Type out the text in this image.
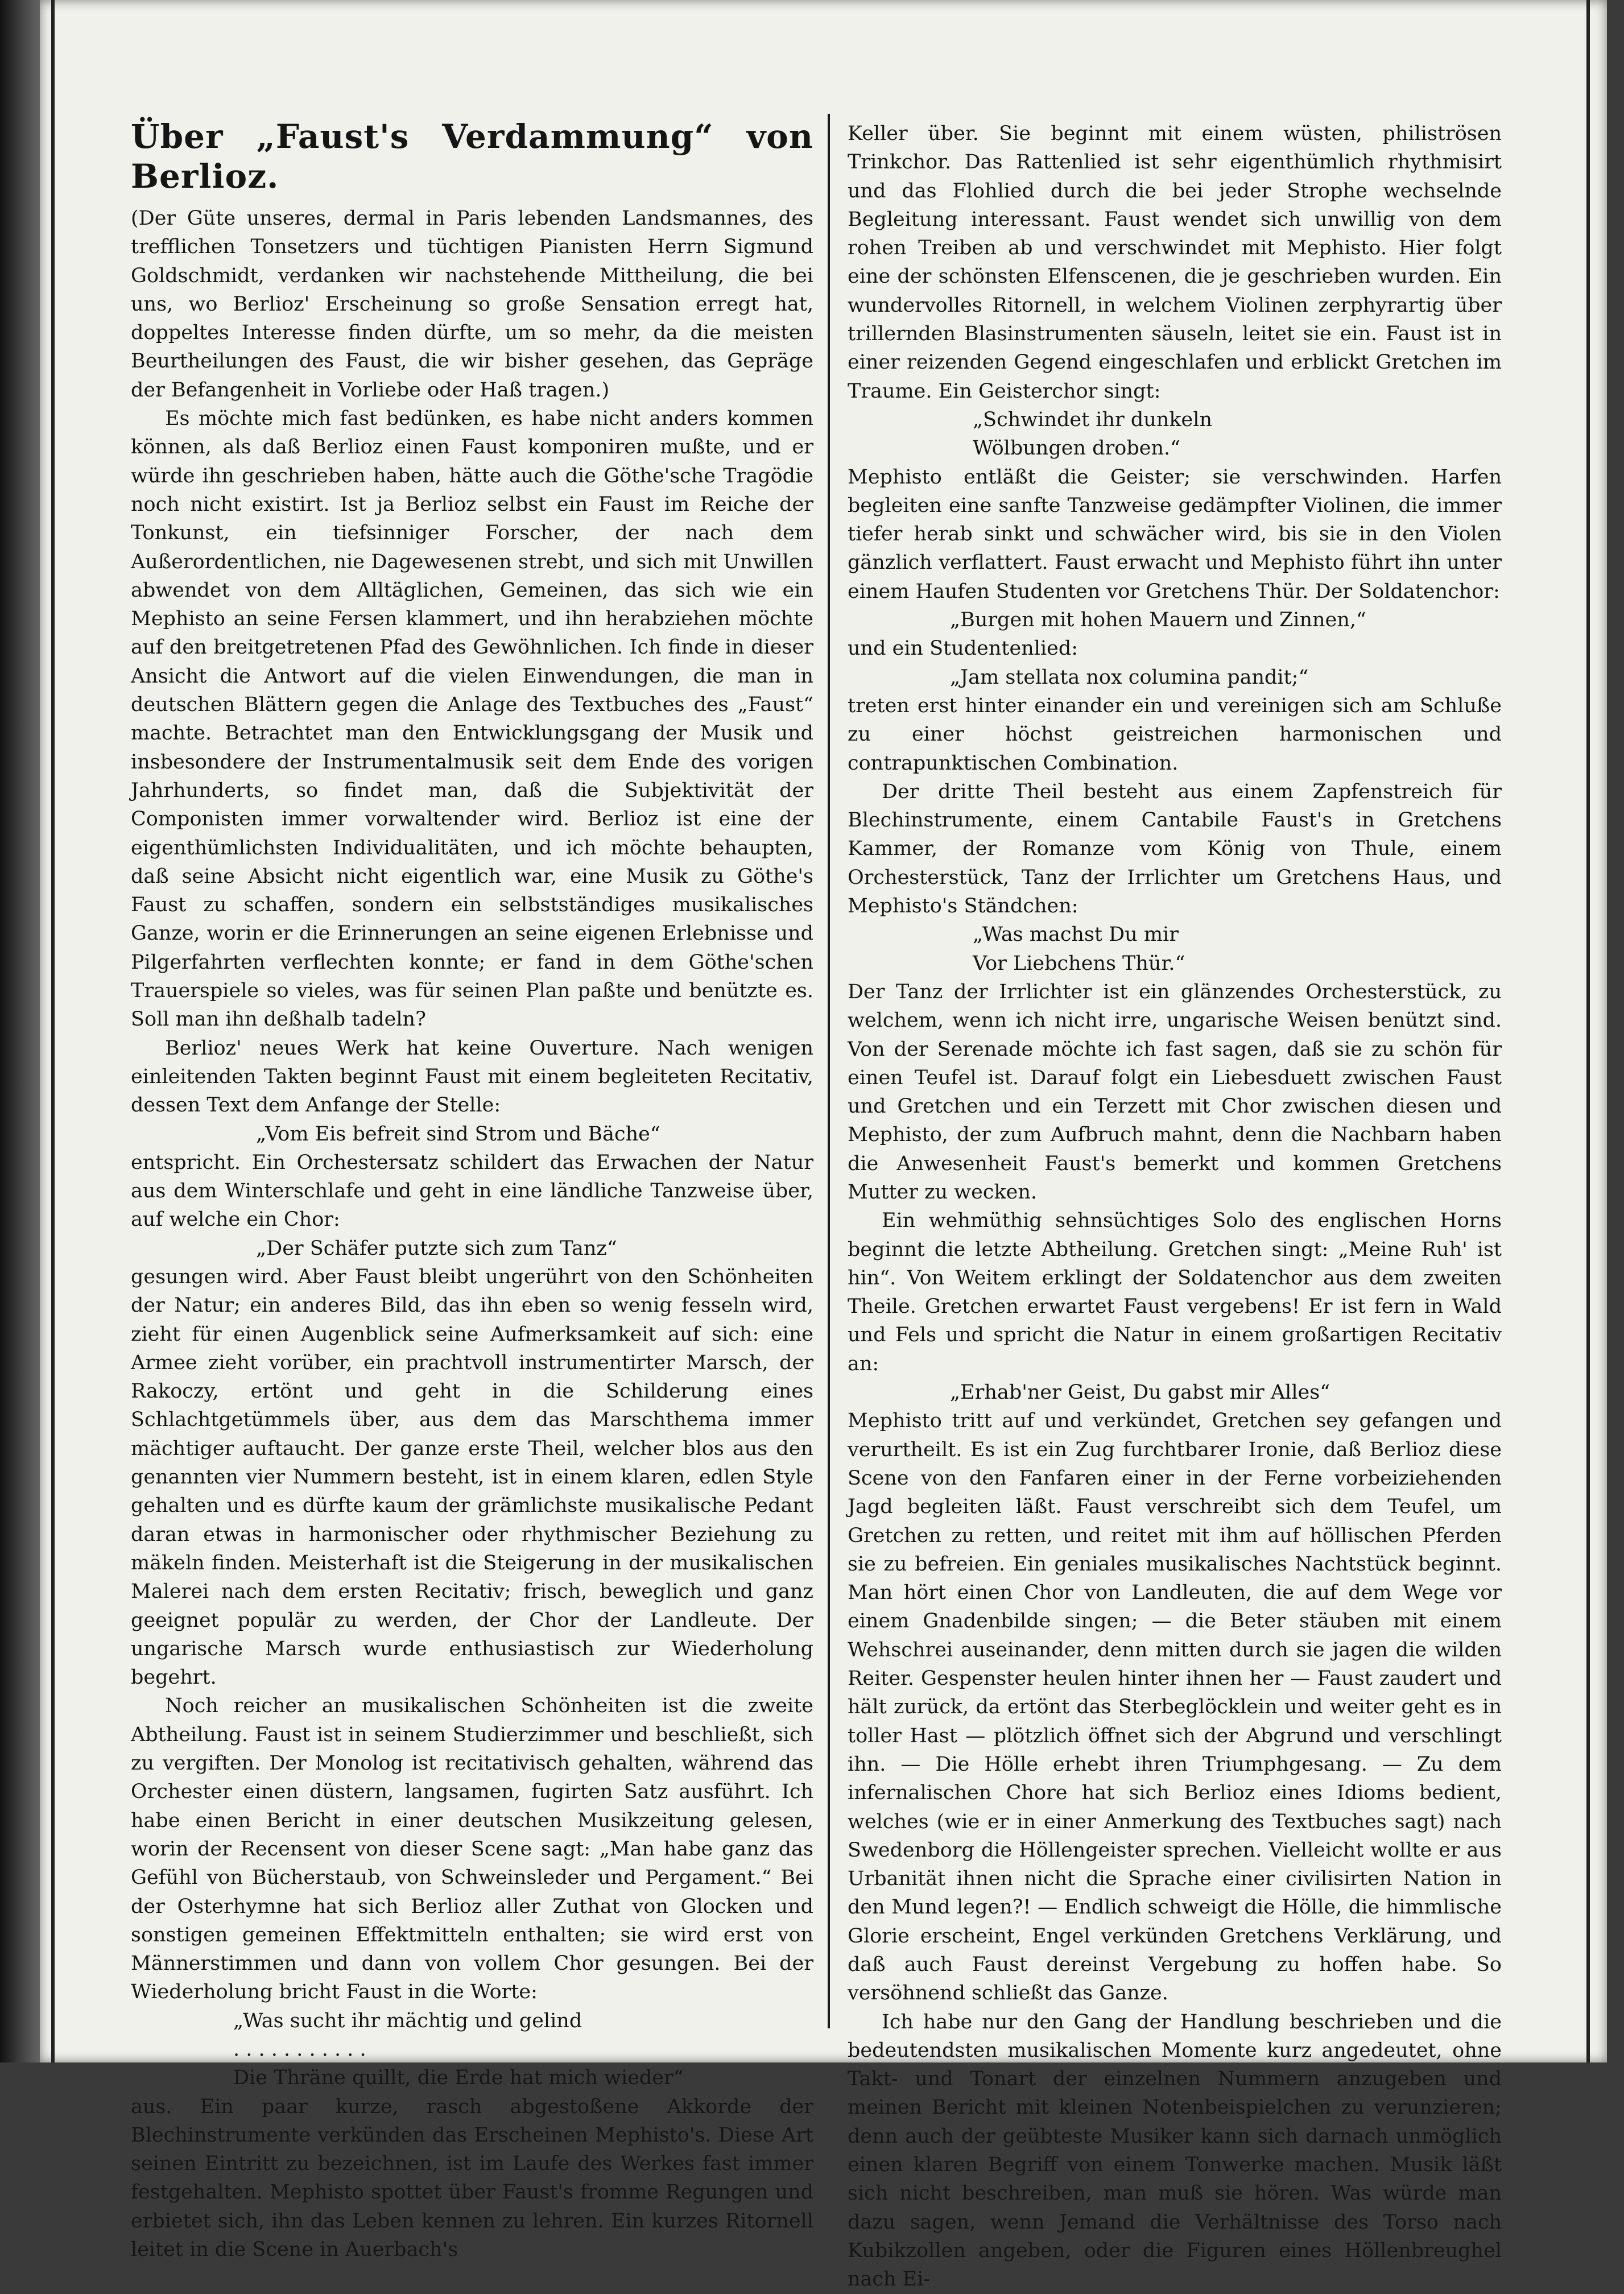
Über „Faust's Verdammung“ von Berlioz.

(Der Güte unseres, dermal in Paris lebenden Landsmannes, des trefflichen Tonsetzers und tüchtigen Pianisten Herrn Sigmund Goldschmidt, verdanken wir nachstehende Mittheilung, die bei uns, wo Berlioz' Erscheinung so große Sensation erregt hat, doppeltes Interesse finden dürfte, um so mehr, da die meisten Beurtheilungen des Faust, die wir bisher gesehen, das Gepräge der Befangenheit in Vorliebe oder Haß tragen.)

Es möchte mich fast bedünken, es habe nicht anders kommen können, als daß Berlioz einen Faust komponiren mußte, und er würde ihn geschrieben haben, hätte auch die Göthe'sche Tragödie noch nicht existirt. Ist ja Berlioz selbst ein Faust im Reiche der Tonkunst, ein tiefsinniger Forscher, der nach dem Außerordentlichen, nie Dagewesenen strebt, und sich mit Unwillen abwendet von dem Alltäglichen, Gemeinen, das sich wie ein Mephisto an seine Fersen klammert, und ihn herabziehen möchte auf den breitgetretenen Pfad des Gewöhnlichen. Ich finde in dieser Ansicht die Antwort auf die vielen Einwendungen, die man in deutschen Blättern gegen die Anlage des Textbuches des „Faust“ machte. Betrachtet man den Entwicklungsgang der Musik und insbesondere der Instrumentalmusik seit dem Ende des vorigen Jahrhunderts, so findet man, daß die Subjektivität der Componisten immer vorwaltender wird. Berlioz ist eine der eigenthümlichsten Individualitäten, und ich möchte behaupten, daß seine Absicht nicht eigentlich war, eine Musik zu Göthe's Faust zu schaffen, sondern ein selbstständiges musikalisches Ganze, worin er die Erinnerungen an seine eigenen Erlebnisse und Pilgerfahrten verflechten konnte; er fand in dem Göthe'schen Trauerspiele so vieles, was für seinen Plan paßte und benützte es. Soll man ihn deßhalb tadeln?

Berlioz' neues Werk hat keine Ouverture. Nach wenigen einleitenden Takten beginnt Faust mit einem begleiteten Recitativ, dessen Text dem Anfange der Stelle:

„Vom Eis befreit sind Strom und Bäche“

entspricht. Ein Orchestersatz schildert das Erwachen der Natur aus dem Winterschlafe und geht in eine ländliche Tanzweise über, auf welche ein Chor:

„Der Schäfer putzte sich zum Tanz“

gesungen wird. Aber Faust bleibt ungerührt von den Schönheiten der Natur; ein anderes Bild, das ihn eben so wenig fesseln wird, zieht für einen Augenblick seine Aufmerksamkeit auf sich: eine Armee zieht vorüber, ein prachtvoll instrumentirter Marsch, der Rakoczy, ertönt und geht in die Schilderung eines Schlachtgetümmels über, aus dem das Marschthema immer mächtiger auftaucht. Der ganze erste Theil, welcher blos aus den genannten vier Nummern besteht, ist in einem klaren, edlen Style gehalten und es dürfte kaum der grämlichste musikalische Pedant daran etwas in harmonischer oder rhythmischer Beziehung zu mäkeln finden. Meisterhaft ist die Steigerung in der musikalischen Malerei nach dem ersten Recitativ; frisch, beweglich und ganz geeignet populär zu werden, der Chor der Landleute. Der ungarische Marsch wurde enthusiastisch zur Wiederholung begehrt.

Noch reicher an musikalischen Schönheiten ist die zweite Abtheilung. Faust ist in seinem Studierzimmer und beschließt, sich zu vergiften. Der Monolog ist recitativisch gehalten, während das Orchester einen düstern, langsamen, fugirten Satz ausführt. Ich habe einen Bericht in einer deutschen Musikzeitung gelesen, worin der Recensent von dieser Scene sagt: „Man habe ganz das Gefühl von Bücherstaub, von Schweinsleder und Pergament.“ Bei der Osterhymne hat sich Berlioz aller Zuthat von Glocken und sonstigen gemeinen Effektmitteln enthalten; sie wird erst von Männerstimmen und dann von vollem Chor gesungen. Bei der Wiederholung bricht Faust in die Worte:

„Was sucht ihr mächtig und gelind

. . . . . . . . . . .

Die Thräne quillt, die Erde hat mich wieder“

aus. Ein paar kurze, rasch abgestoßene Akkorde der Blechinstrumente verkünden das Erscheinen Mephisto's. Diese Art seinen Eintritt zu bezeichnen, ist im Laufe des Werkes fast immer festgehalten. Mephisto spottet über Faust's fromme Regungen und erbietet sich, ihn das Leben kennen zu lehren. Ein kurzes Ritornell leitet in die Scene in Auerbach's

Keller über. Sie beginnt mit einem wüsten, philiströsen Trinkchor. Das Rattenlied ist sehr eigenthümlich rhythmisirt und das Flohlied durch die bei jeder Strophe wechselnde Begleitung interessant. Faust wendet sich unwillig von dem rohen Treiben ab und verschwindet mit Mephisto. Hier folgt eine der schönsten Elfenscenen, die je geschrieben wurden. Ein wundervolles Ritornell, in welchem Violinen zerphyrartig über trillernden Blasinstrumenten säuseln, leitet sie ein. Faust ist in einer reizenden Gegend eingeschlafen und erblickt Gretchen im Traume. Ein Geisterchor singt:

„Schwindet ihr dunkeln

Wölbungen droben.“

Mephisto entläßt die Geister; sie verschwinden. Harfen begleiten eine sanfte Tanzweise gedämpfter Violinen, die immer tiefer herab sinkt und schwächer wird, bis sie in den Violen gänzlich verflattert. Faust erwacht und Mephisto führt ihn unter einem Haufen Studenten vor Gretchens Thür. Der Soldatenchor:

„Burgen mit hohen Mauern und Zinnen,“

und ein Studentenlied:

„Jam stellata nox columina pandit;“

treten erst hinter einander ein und vereinigen sich am Schluße zu einer höchst geistreichen harmonischen und contrapunktischen Combination.

Der dritte Theil besteht aus einem Zapfenstreich für Blechinstrumente, einem Cantabile Faust's in Gretchens Kammer, der Romanze vom König von Thule, einem Orchesterstück, Tanz der Irrlichter um Gretchens Haus, und Mephisto's Ständchen:

„Was machst Du mir

Vor Liebchens Thür.“

Der Tanz der Irrlichter ist ein glänzendes Orchesterstück, zu welchem, wenn ich nicht irre, ungarische Weisen benützt sind. Von der Serenade möchte ich fast sagen, daß sie zu schön für einen Teufel ist. Darauf folgt ein Liebesduett zwischen Faust und Gretchen und ein Terzett mit Chor zwischen diesen und Mephisto, der zum Aufbruch mahnt, denn die Nachbarn haben die Anwesenheit Faust's bemerkt und kommen Gretchens Mutter zu wecken.

Ein wehmüthig sehnsüchtiges Solo des englischen Horns beginnt die letzte Abtheilung. Gretchen singt: „Meine Ruh' ist hin“. Von Weitem erklingt der Soldatenchor aus dem zweiten Theile. Gretchen erwartet Faust vergebens! Er ist fern in Wald und Fels und spricht die Natur in einem großartigen Recitativ an:

„Erhab'ner Geist, Du gabst mir Alles“

Mephisto tritt auf und verkündet, Gretchen sey gefangen und verurtheilt. Es ist ein Zug furchtbarer Ironie, daß Berlioz diese Scene von den Fanfaren einer in der Ferne vorbeiziehenden Jagd begleiten läßt. Faust verschreibt sich dem Teufel, um Gretchen zu retten, und reitet mit ihm auf höllischen Pferden sie zu befreien. Ein geniales musikalisches Nachtstück beginnt. Man hört einen Chor von Landleuten, die auf dem Wege vor einem Gnadenbilde singen; — die Beter stäuben mit einem Wehschrei auseinander, denn mitten durch sie jagen die wilden Reiter. Gespenster heulen hinter ihnen her — Faust zaudert und hält zurück, da ertönt das Sterbeglöcklein und weiter geht es in toller Hast — plötzlich öffnet sich der Abgrund und verschlingt ihn. — Die Hölle erhebt ihren Triumphgesang. — Zu dem infernalischen Chore hat sich Berlioz eines Idioms bedient, welches (wie er in einer Anmerkung des Textbuches sagt) nach Swedenborg die Höllengeister sprechen. Vielleicht wollte er aus Urbanität ihnen nicht die Sprache einer civilisirten Nation in den Mund legen?! — Endlich schweigt die Hölle, die himmlische Glorie erscheint, Engel verkünden Gretchens Verklärung, und daß auch Faust dereinst Vergebung zu hoffen habe. So versöhnend schließt das Ganze.

Ich habe nur den Gang der Handlung beschrieben und die bedeutendsten musikalischen Momente kurz angedeutet, ohne Takt- und Tonart der einzelnen Nummern anzugeben und meinen Bericht mit kleinen Notenbeispielchen zu verunzieren; denn auch der geübteste Musiker kann sich darnach unmöglich einen klaren Begriff von einem Tonwerke machen. Musik läßt sich nicht beschreiben, man muß sie hören. Was würde man dazu sagen, wenn Jemand die Verhältnisse des Torso nach Kubikzollen angeben, oder die Figuren eines Höllenbreughel nach Ei-
